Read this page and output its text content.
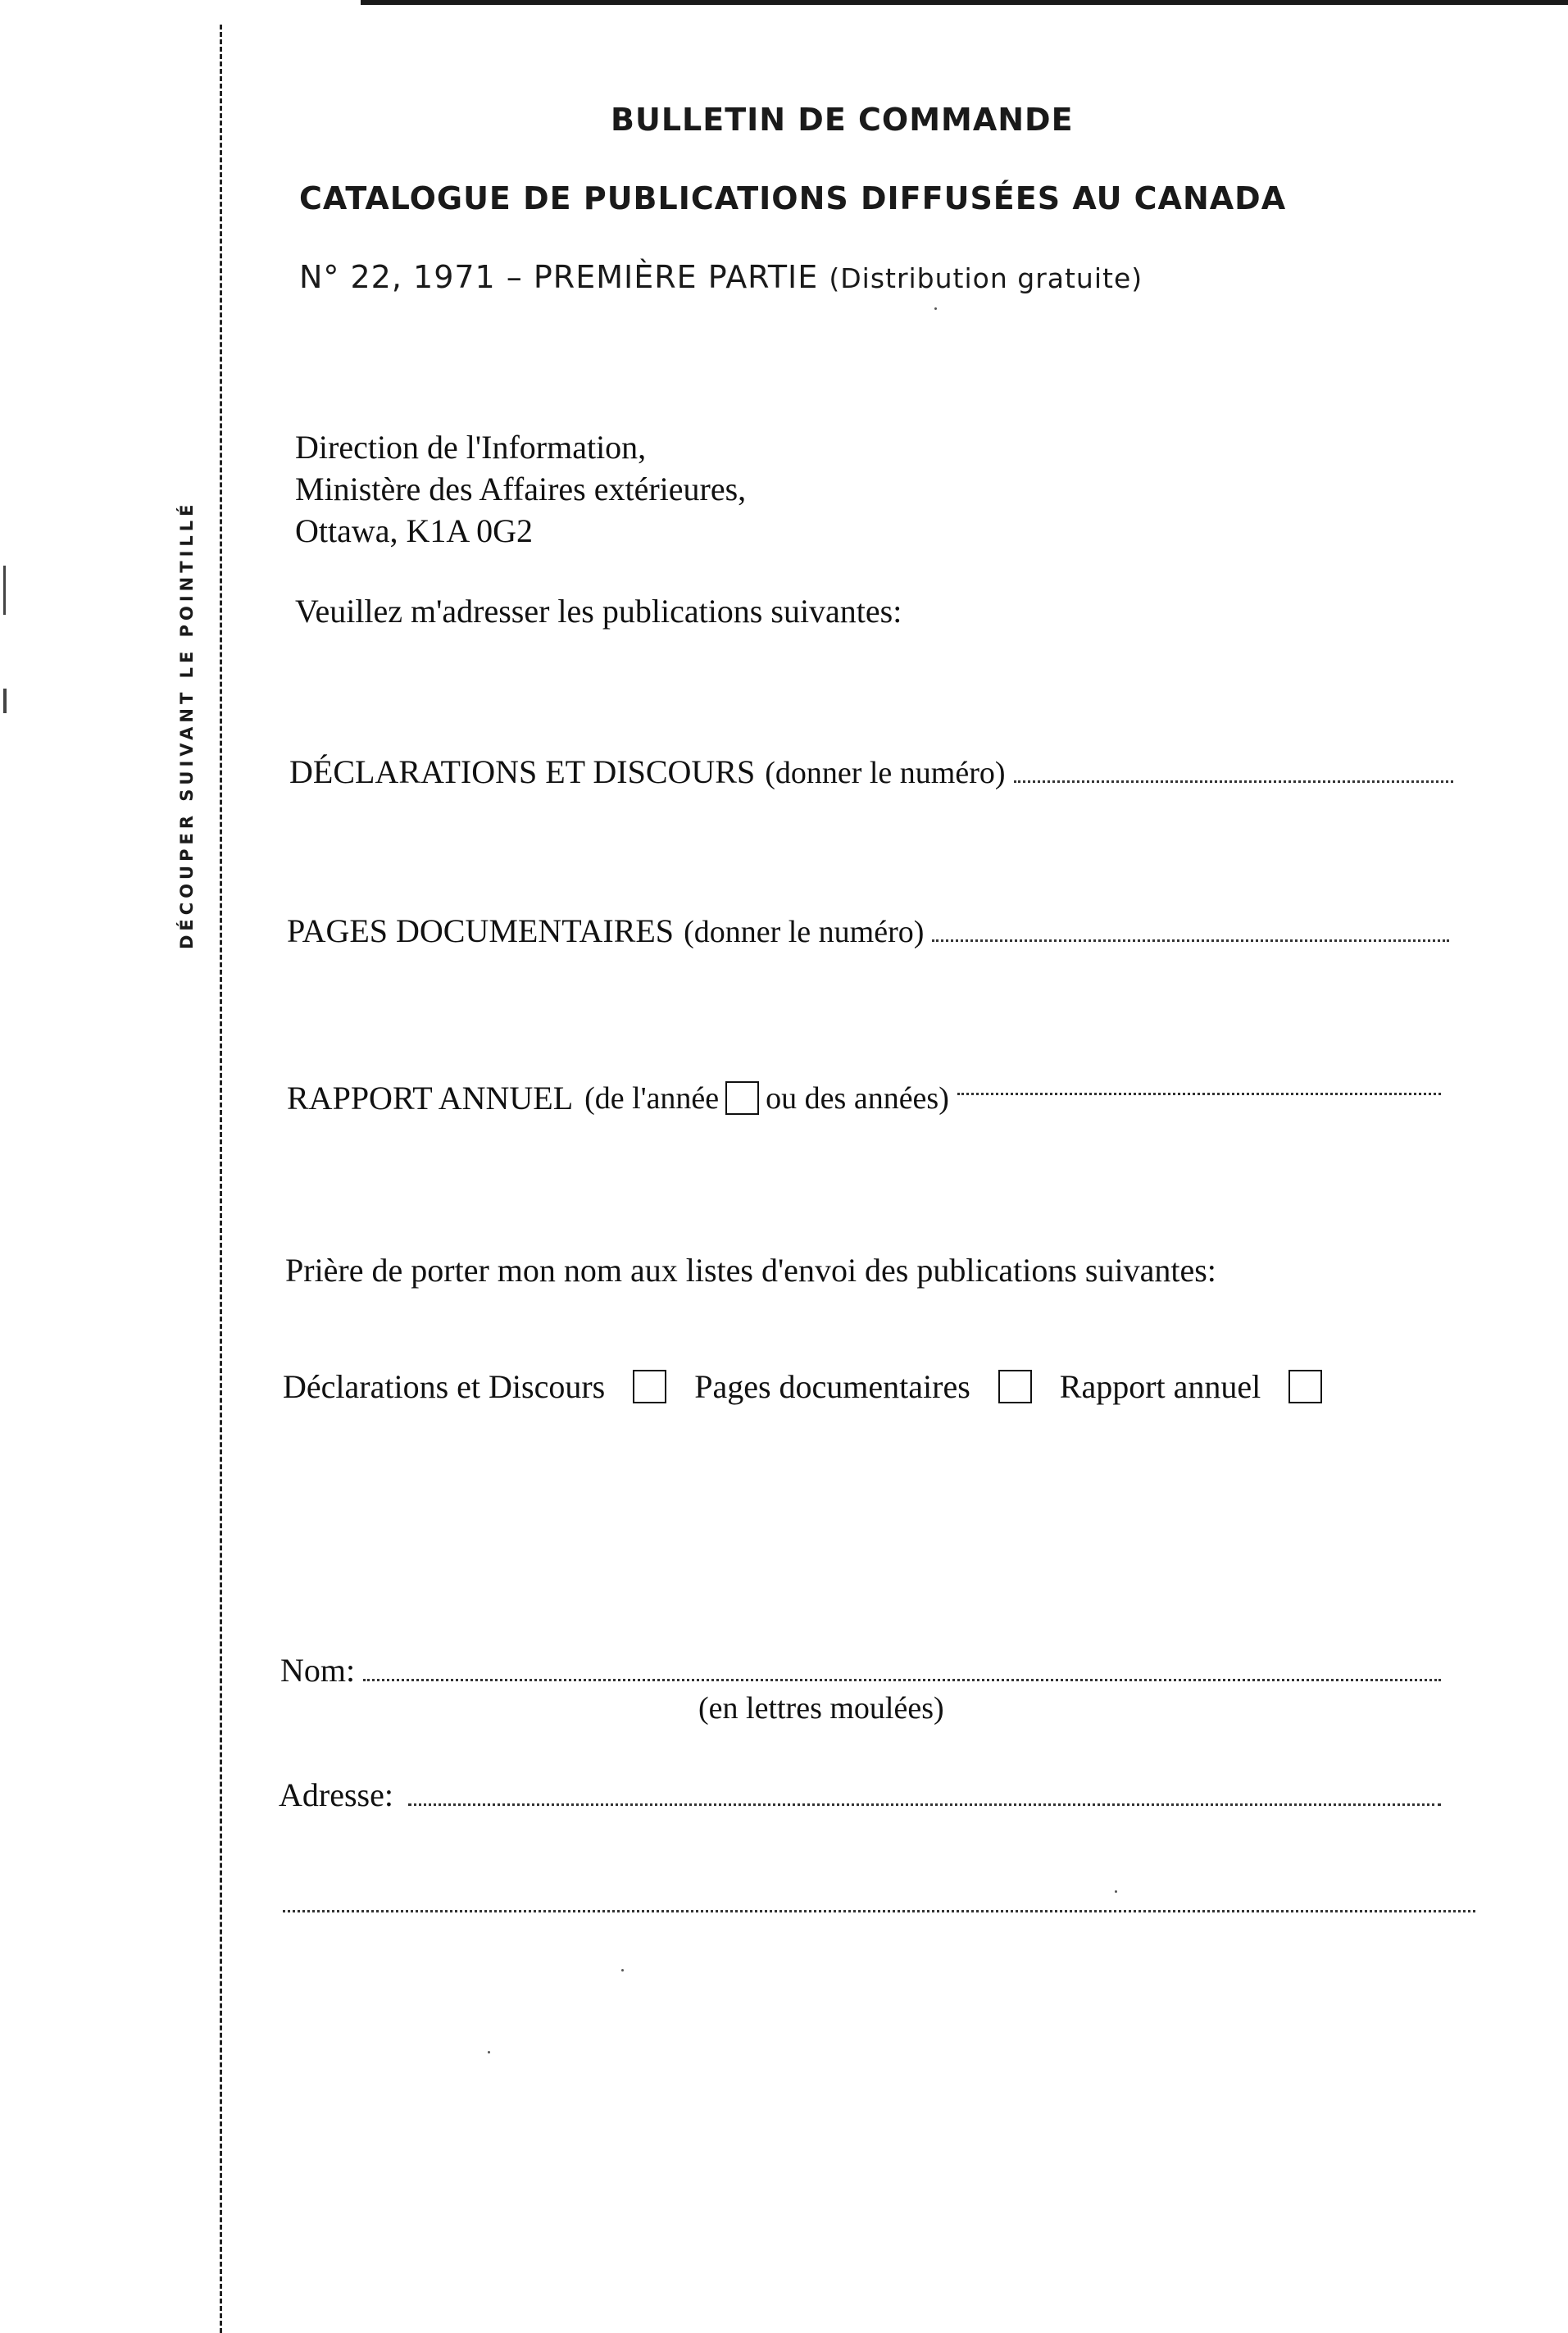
DÉCOUPER SUIVANT LE POINTILLÉ
BULLETIN DE COMMANDE
CATALOGUE DE PUBLICATIONS DIFFUSÉES AU CANADA
N° 22, 1971 – PREMIÈRE PARTIE (Distribution gratuite)
Direction de l'Information,
Ministère des Affaires extérieures,
Ottawa, K1A 0G2
Veuillez m'adresser les publications suivantes:
DÉCLARATIONS ET DISCOURS (donner le numéro)
PAGES DOCUMENTAIRES (donner le numéro)
RAPPORT ANNUEL (de l'année ou des années)
Prière de porter mon nom aux listes d'envoi des publications suivantes:
Déclarations et Discours	Pages documentaires	Rapport annuel
Nom:
(en lettres moulées)
Adresse:
